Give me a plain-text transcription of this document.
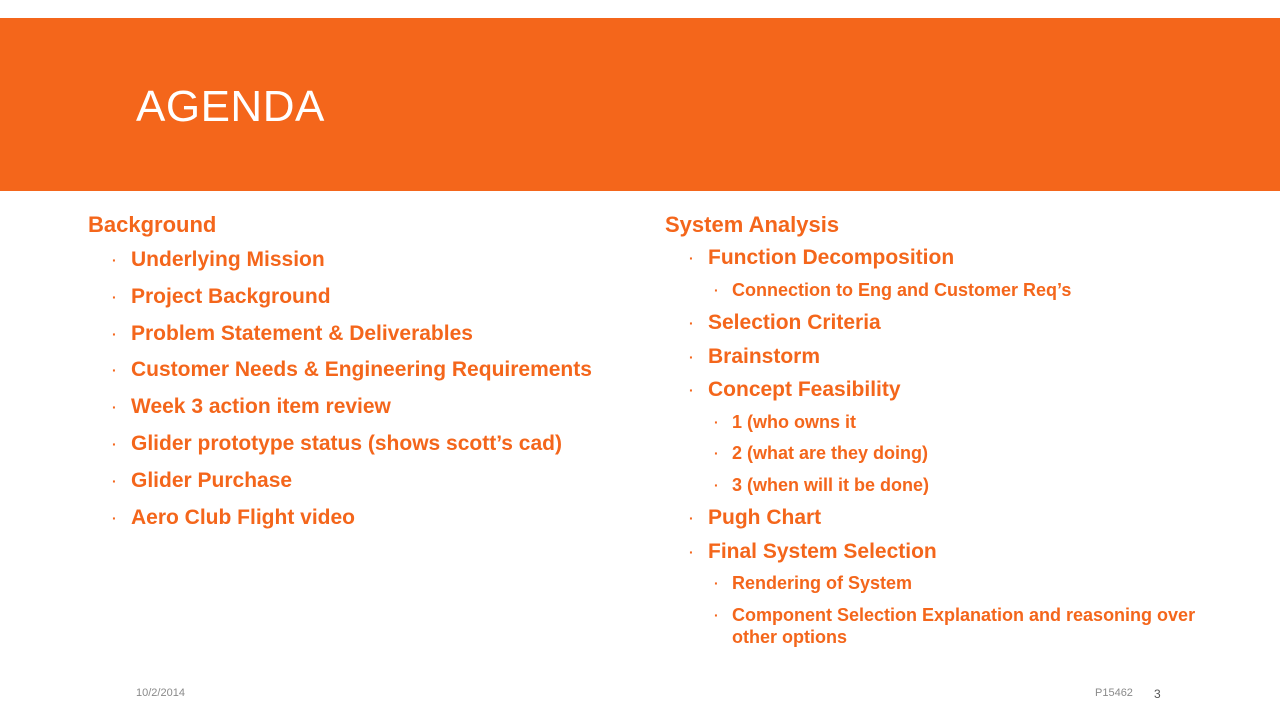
AGENDA
Background
· Underlying Mission
· Project Background
· Problem Statement & Deliverables
· Customer Needs & Engineering Requirements
· Week 3 action item review
· Glider prototype status (shows scott’s cad)
· Glider Purchase
· Aero Club Flight video
System Analysis
· Function Decomposition
· Connection to Eng and Customer Req’s
· Selection Criteria
· Brainstorm
· Concept Feasibility
· 1 (who owns it
· 2 (what are they doing)
· 3 (when will it be done)
· Pugh Chart
· Final System Selection
· Rendering of System
· Component Selection Explanation and reasoning over other options
10/2/2014	P15462 3
